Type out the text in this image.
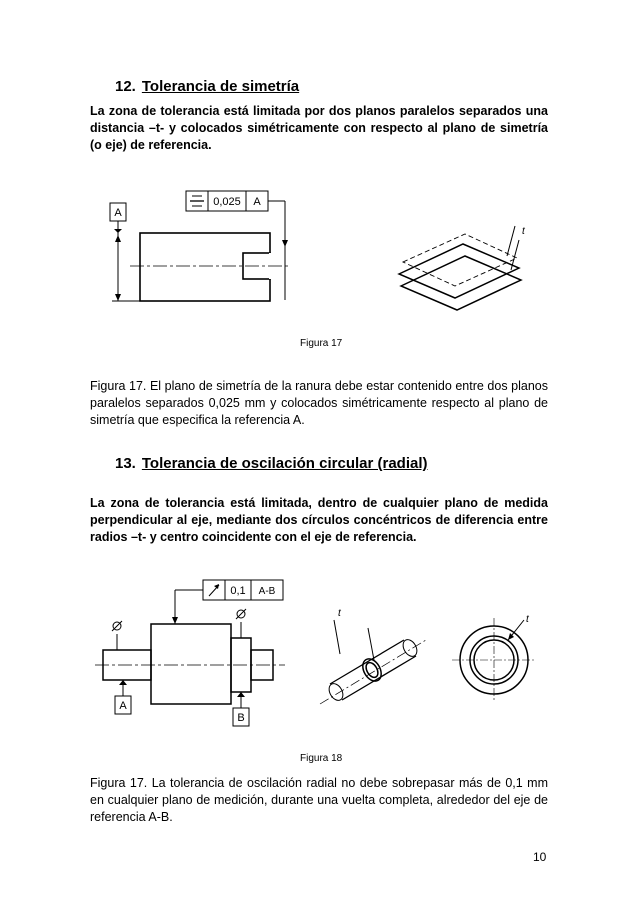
12. Tolerancia de simetría
La zona de tolerancia está limitada por dos planos paralelos separados una distancia –t- y colocados simétricamente con respecto al plano de simetría (o eje) de referencia.
0,025 A
A
t
Figura 17
Figura 17. El plano de simetría de la ranura debe estar contenido entre dos planos paralelos separados 0,025 mm y colocados simétricamente respecto al plano de simetría que especifica la referencia A.
13. Tolerancia de oscilación circular (radial)
La zona de tolerancia está limitada, dentro de cualquier plano de medida perpendicular al eje, mediante dos círculos concéntricos de diferencia entre radios –t- y centro coincidente con el eje de referencia.
0,1 A-B
A
B
t
t
Figura 18
Figura 17. La tolerancia de oscilación radial no debe sobrepasar más de 0,1 mm en cualquier plano de medición, durante una vuelta completa, alrededor del eje de referencia A-B.
10
